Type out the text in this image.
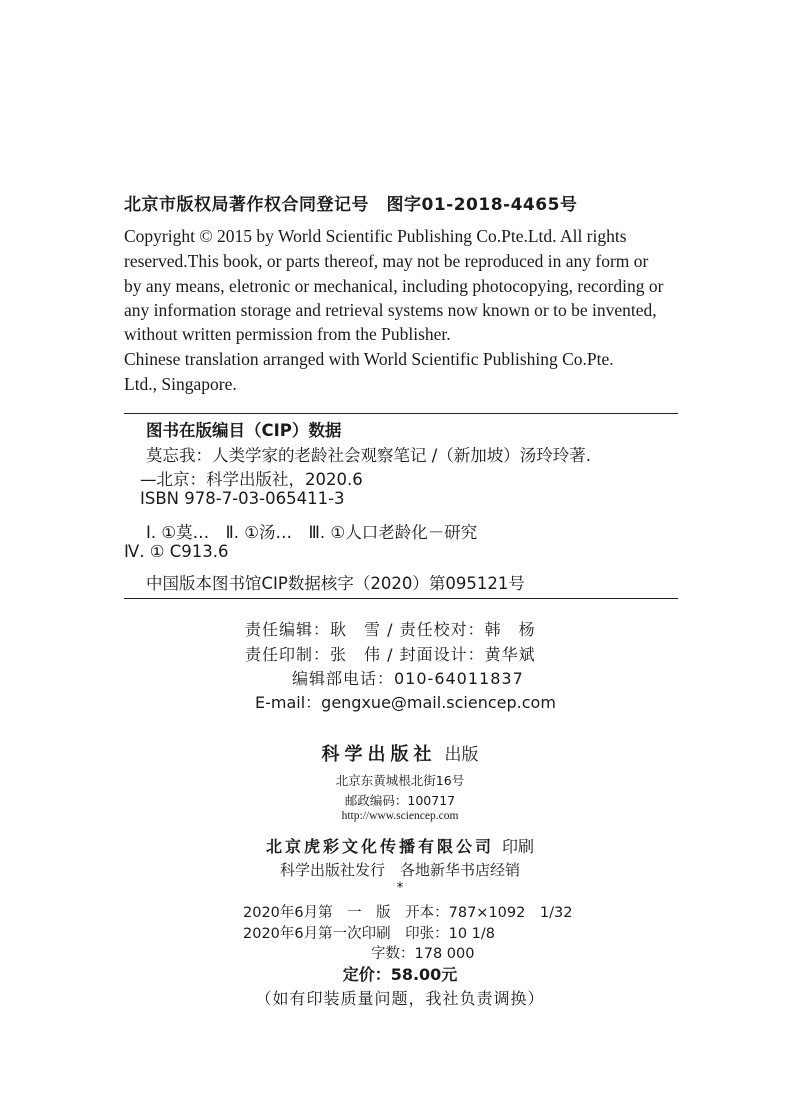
北京市版权局著作权合同登记号　图字01-2018-4465号
Copyright © 2015 by World Scientific Publishing Co.Pte.Ltd. All rights
reserved.This book, or parts thereof, may not be reproduced in any form or
by any means, eletronic or mechanical, including photocopying, recording or
any information storage and retrieval systems now known or to be invented,
without written permission from the Publisher.
Chinese translation arranged with World Scientific Publishing Co.Pte.
Ltd., Singapore.
图书在版编目（CIP）数据
莫忘我：人类学家的老龄社会观察笔记 /（新加坡）汤玲玲著.
—北京：科学出版社，2020.6
ISBN 978-7-03-065411-3
Ⅰ. ①莫…　Ⅱ. ①汤…　Ⅲ. ①人口老龄化－研究
Ⅳ. ① C913.6
中国版本图书馆CIP数据核字（2020）第095121号
责任编辑：耿　雪 / 责任校对：韩　杨
责任印制：张　伟 / 封面设计：黄华斌
编辑部电话：010-64011837
E-mail：gengxue@mail.sciencep.com
科学出版社 出版
北京东黄城根北街16号
邮政编码：100717
http://www.sciencep.com
北京虎彩文化传播有限公司 印刷
科学出版社发行　各地新华书店经销
*
2020年6月第　一　版　开本：787×1092　1/32
2020年6月第一次印刷　印张：10 1/8
字数：178 000
定价：58.00元
（如有印装质量问题，我社负责调换）
